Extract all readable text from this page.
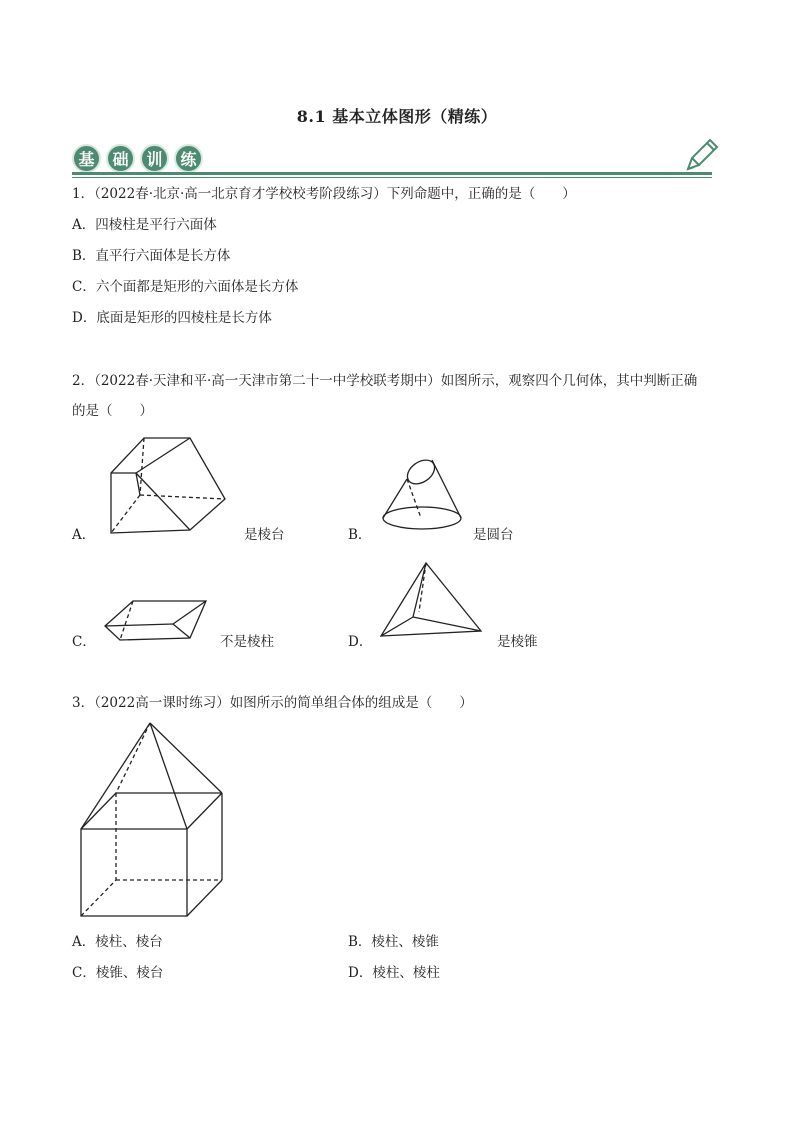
8.1 基本立体图形（精练）
基	础	训	练
1．（2022春·北京·高一北京育才学校校考阶段练习）下列命题中，正确的是（　　）
A．四棱柱是平行六面体
B．直平行六面体是长方体
C．六个面都是矩形的六面体是长方体
D．底面是矩形的四棱柱是长方体
2．（2022春·天津和平·高一天津市第二十一中学校联考期中）如图所示，观察四个几何体，其中判断正确
的是（　　）
A．	是棱台	B．	是圆台
C．	不是棱柱	D．	是棱锥
3．（2022高一课时练习）如图所示的简单组合体的组成是（　　）
A．棱柱、棱台	B．棱柱、棱锥
C．棱锥、棱台	D．棱柱、棱柱
